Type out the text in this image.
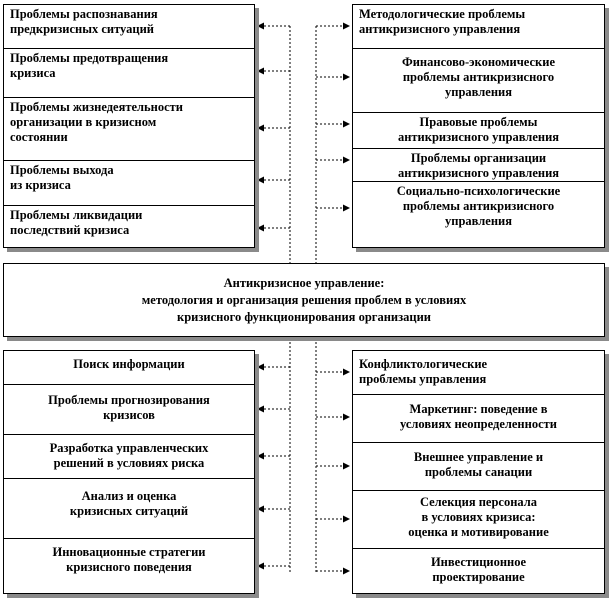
Проблемы распознавания
предкризисных ситуаций
Проблемы предотвращения
кризиса
Проблемы жизнедеятельности
организации в кризисном
состоянии
Проблемы выхода
из кризиса
Проблемы ликвидации
последствий кризиса
Методологические проблемы
антикризисного управления
Финансово-экономические
проблемы антикризисного
управления
Правовые проблемы
антикризисного управления
Проблемы организации
антикризисного управления
Социально-психологические
проблемы антикризисного
управления
Антикризисное управление:
методология и организация решения проблем в условиях
кризисного функционирования организации
Поиск информации
Проблемы прогнозирования
кризисов
Разработка управленческих
решений в условиях риска
Анализ и оценка
кризисных ситуаций
Инновационные стратегии
кризисного поведения
Конфликтологические
проблемы управления
Маркетинг: поведение в
условиях неопределенности
Внешнее управление и
проблемы санации
Селекция персонала
в условиях кризиса:
оценка и мотивирование
Инвестиционное
проектирование
